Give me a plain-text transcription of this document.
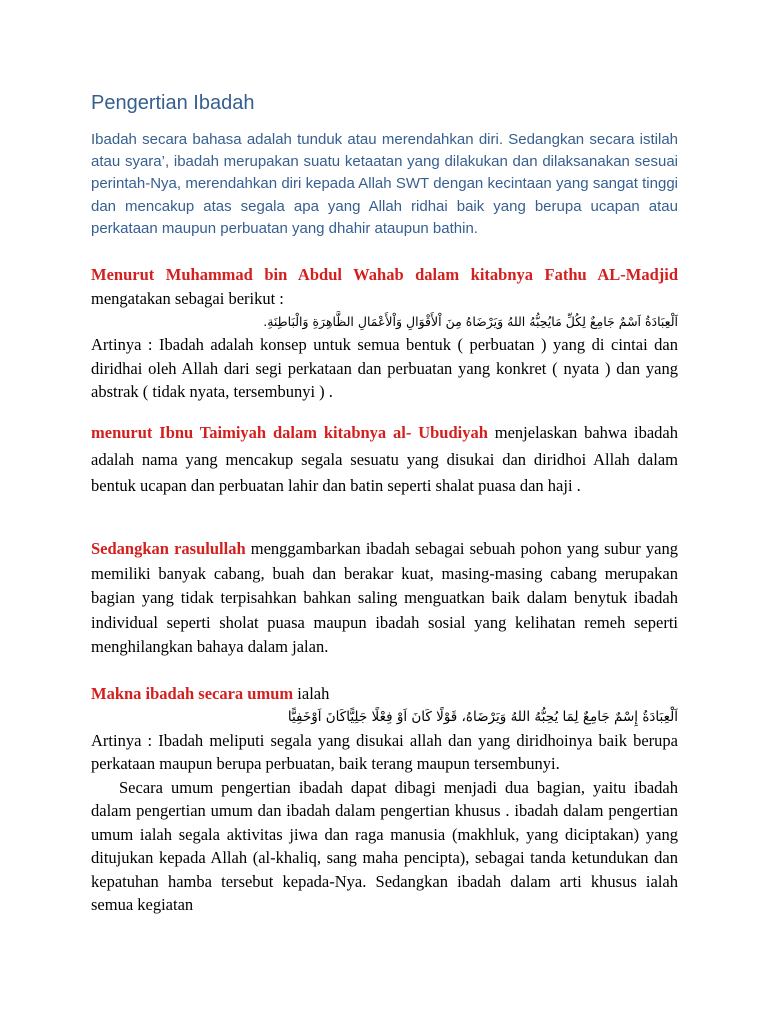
Pengertian Ibadah

Ibadah secara bahasa adalah tunduk atau merendahkan diri. Sedangkan secara istilah atau syara’, ibadah merupakan suatu ketaatan yang dilakukan dan dilaksanakan sesuai perintah-Nya, merendahkan diri kepada Allah SWT dengan kecintaan yang sangat tinggi dan mencakup atas segala apa yang Allah ridhai baik yang berupa ucapan atau perkataan maupun perbuatan yang dhahir ataupun bathin.

Menurut Muhammad bin Abdul Wahab dalam kitabnya Fathu AL-Madjid mengatakan sebagai berikut :
اَلْعِبَادَةُ اَسْمٌ جَامِعٌ لِكُلِّ مَايُحِبُّهُ اللهُ وَيَرْضَاهُ مِنَ اْلأَقْوَالِ وَاْلأَعْمَالِ الظَّاهِرَةِ وَالْبَاطِنَةِ.
Artinya : Ibadah adalah konsep untuk semua bentuk ( perbuatan ) yang di cintai dan diridhai oleh Allah dari segi perkataan dan perbuatan yang konkret ( nyata ) dan yang abstrak ( tidak nyata, tersembunyi ) .
menurut Ibnu Taimiyah dalam kitabnya al- Ubudiyah menjelaskan bahwa ibadah adalah nama yang mencakup segala sesuatu yang disukai dan diridhoi Allah dalam bentuk ucapan dan perbuatan lahir dan batin seperti shalat puasa dan haji .
Sedangkan rasulullah menggambarkan ibadah sebagai sebuah pohon yang subur yang memiliki banyak cabang, buah dan berakar kuat, masing-masing cabang merupakan bagian yang tidak terpisahkan bahkan saling menguatkan baik dalam benytuk ibadah individual seperti sholat puasa maupun ibadah sosial yang kelihatan remeh seperti menghilangkan bahaya dalam jalan.
Makna ibadah secara umum ialah
اَلْعِبَادَةُ إِسْمٌ جَامِعٌ لِمَا يُحِبُّهُ اللهُ وَيَرْضَاهُ، قَوْلًا كَانَ اَوْ فِعْلًا جَلِيًّاكَانَ اَوْخَفِيًّا
Artinya : Ibadah meliputi segala yang disukai allah dan yang diridhoinya baik berupa perkataan maupun berupa perbuatan, baik terang maupun tersembunyi.
Secara umum pengertian ibadah dapat dibagi menjadi dua bagian, yaitu ibadah dalam pengertian umum dan ibadah dalam pengertian khusus . ibadah dalam pengertian umum ialah segala aktivitas jiwa dan raga manusia (makhluk, yang diciptakan) yang ditujukan kepada Allah (al-khaliq, sang maha pencipta), sebagai tanda ketundukan dan kepatuhan hamba tersebut kepada-Nya. Sedangkan ibadah dalam arti khusus ialah semua kegiatan
